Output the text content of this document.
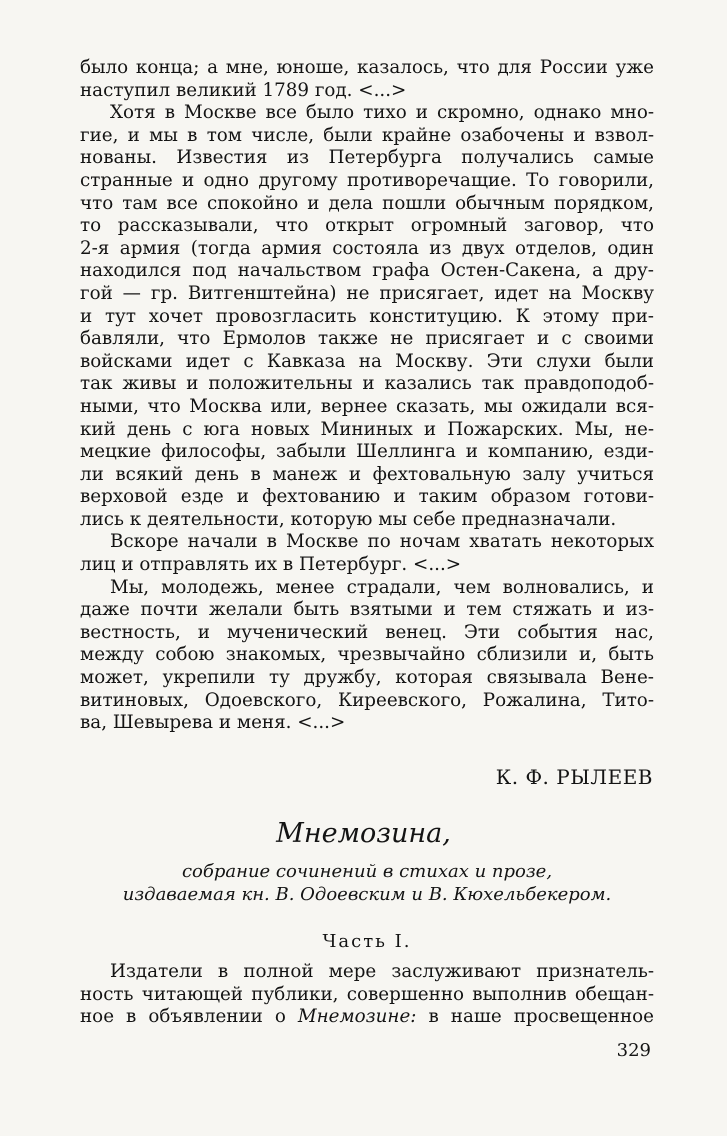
было конца; а мне, юноше, казалось, что для России уже
наступил великий 1789 год. <...>
Хотя в Москве все было тихо и скромно, однако мно-
гие, и мы в том числе, были крайне озабочены и взвол-
нованы. Известия из Петербурга получались самые
странные и одно другому противоречащие. То говорили,
что там все спокойно и дела пошли обычным порядком,
то рассказывали, что открыт огромный заговор, что
2-я армия (тогда армия состояла из двух отделов, один
находился под начальством графа Остен-Сакена, а дру-
гой — гр. Витгенштейна) не присягает, идет на Москву
и тут хочет провозгласить конституцию. К этому при-
бавляли, что Ермолов также не присягает и с своими
войсками идет с Кавказа на Москву. Эти слухи были
так живы и положительны и казались так правдоподоб-
ными, что Москва или, вернее сказать, мы ожидали вся-
кий день с юга новых Мининых и Пожарских. Мы, не-
мецкие философы, забыли Шеллинга и компанию, езди-
ли всякий день в манеж и фехтовальную залу учиться
верховой езде и фехтованию и таким образом готови-
лись к деятельности, которую мы себе предназначали.
Вскоре начали в Москве по ночам хватать некоторых
лиц и отправлять их в Петербург. <...>
Мы, молодежь, менее страдали, чем волновались, и
даже почти желали быть взятыми и тем стяжать и из-
вестность, и мученический венец. Эти события нас,
между собою знакомых, чрезвычайно сблизили и, быть
может, укрепили ту дружбу, которая связывала Вене-
витиновых, Одоевского, Киреевского, Рожалина, Тито-
ва, Шевырева и меня. <...>
К. Ф. РЫЛЕЕВ
Мнемозина,
собрание сочинений в стихах и прозе,
издаваемая кн. В. Одоевским и В. Кюхельбекером.
Часть I.
Издатели в полной мере заслуживают признатель-
ность читающей публики, совершенно выполнив обещан-
ное в объявлении о Мнемозине: в наше просвещенное
329
